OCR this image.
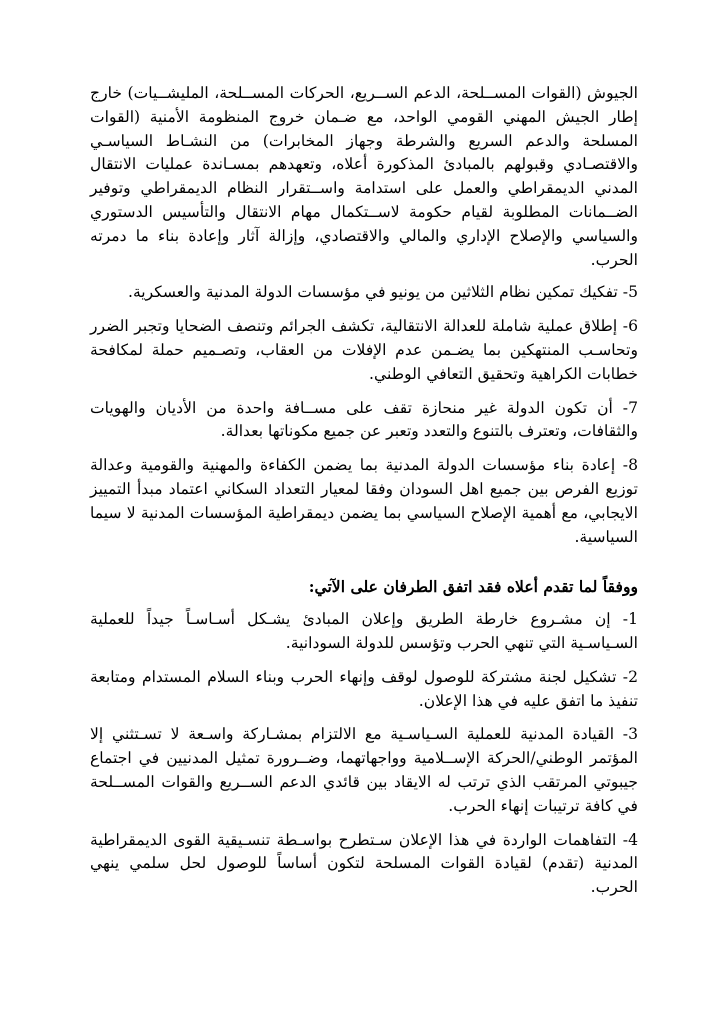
الجيوش (القوات المســلحة، الدعم الســريع، الحركات المســلحة، المليشــيات) خارج إطار الجيش المهني القومي الواحد، مع ضـمان خروج المنظومة الأمنية (القوات المسلحة والدعم السريع والشرطة وجهاز المخابرات) من النشـاط السياسـي والاقتصـادي وقبولهم بالمبادئ المذكورة أعلاه، وتعهدهم بمسـاندة عمليات الانتقال المدني الديمقراطي والعمل على استدامة واســتقرار النظام الديمقراطي وتوفير الضــمانات المطلوبة لقيام حكومة لاســتكمال مهام الانتقال والتأسيس الدستوري والسياسي والإصلاح الإداري والمالي والاقتصادي، وإزالة آثار وإعادة بناء ما دمرته الحرب.

5- تفكيك تمكين نظام الثلاثين من يونيو في مؤسسات الدولة المدنية والعسكرية.

6- إطلاق عملية شاملة للعدالة الانتقالية، تكشف الجرائم وتنصف الضحايا وتجبر الضرر وتحاسـب المنتهكين بما يضـمن عدم الإفلات من العقاب، وتصـميم حملة لمكافحة خطابات الكراهية وتحقيق التعافي الوطني.

7- أن تكون الدولة غير منحازة تقف على مســافة واحدة من الأديان والهويات والثقافات، وتعترف بالتنوع والتعدد وتعبر عن جميع مكوناتها بعدالة.

8- إعادة بناء مؤسسات الدولة المدنية بما يضمن الكفاءة والمهنية والقومية وعدالة توزيع الفرص بين جميع اهل السودان وفقا لمعيار التعداد السكاني اعتماد مبدأ التمييز الايجابي، مع أهمية الإصلاح السياسي بما يضمن ديمقراطية المؤسسات المدنية لا سيما السياسية.

ووفقاً لما تقدم أعلاه فقد اتفق الطرفان على الآتي:

1- إن مشـروع خارطة الطريق وإعلان المبادئ يشـكل أسـاسـاً جيداً للعملية السـياسـية التي تنهي الحرب وتؤسس للدولة السودانية.

2- تشكيل لجنة مشتركة للوصول لوقف وإنهاء الحرب وبناء السلام المستدام ومتابعة تنفيذ ما اتفق عليه في هذا الإعلان.

3- القيادة المدنية للعملية السـياسـية مع الالتزام بمشـاركة واسـعة لا تسـتثني إلا المؤتمر الوطني/الحركة الإســلامية وواجهاتهما، وضــرورة تمثيل المدنيين في اجتماع جيبوتي المرتقب الذي ترتب له الايقاد بين قائدي الدعم الســريع والقوات المســلحة في كافة ترتيبات إنهاء الحرب.

4- التفاهمات الواردة في هذا الإعلان سـتطرح بواسـطة تنسـيقية القوى الديمقراطية المدنية (تقدم) لقيادة القوات المسلحة لتكون أساساً للوصول لحل سلمي ينهي الحرب.
